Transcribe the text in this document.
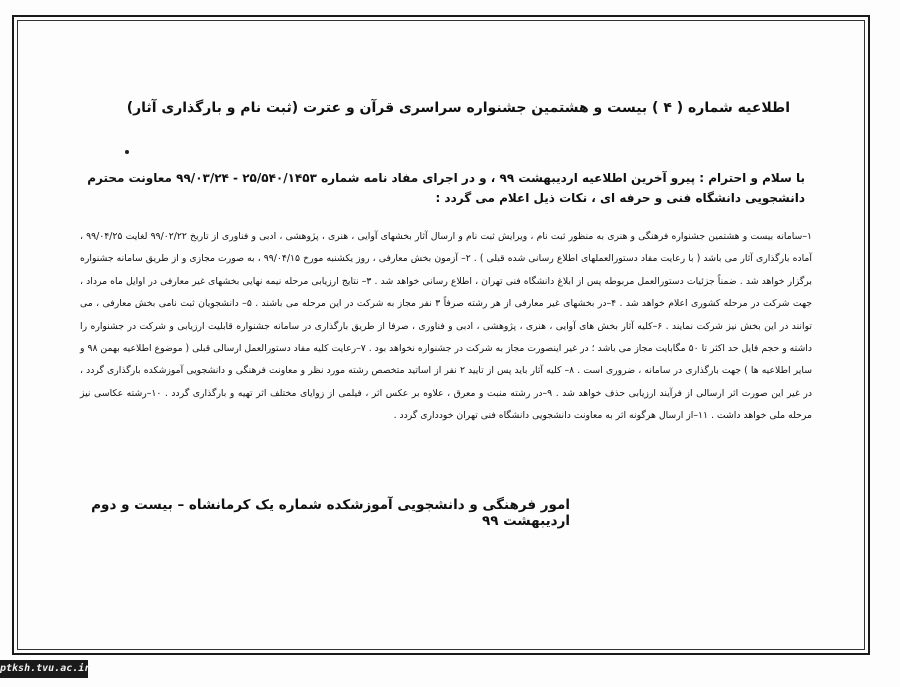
اطلاعیه شماره ( ۴ ) بیست و هشتمین جشنواره سراسری قرآن و عترت (ثبت نام و بارگذاری آثار)
با سلام و احترام : پیرو آخرین اطلاعیه اردیبهشت ۹۹ ، و در اجرای مفاد نامه شماره ۲۵/۵۴۰/۱۴۵۳ - ۹۹/۰۳/۲۴ معاونت محترم دانشجویی دانشگاه فنی و حرفه ای ، نکات ذیل اعلام می گردد :
۱–سامانه بیست و هشتمین جشنواره فرهنگی و هنری به منظور ثبت نام ، ویرایش ثبت نام و ارسال آثار بخشهای آوایی ، هنری ، پژوهشی ، ادبی و فناوری از تاریخ ۹۹/۰۲/۲۲ لغایت ۹۹/۰۴/۲۵ ، آماده بارگذاری آثار می باشد ( با رعایت مفاد دستورالعملهای اطلاع رسانی شده قبلی ) . ۲– آزمون بخش معارفی ، روز یکشنبه مورخ ۹۹/۰۴/۱۵ ، به صورت مجازی و از طریق سامانه جشنواره برگزار خواهد شد . ضمناً جزئیات دستورالعمل مربوطه پس از ابلاغ دانشگاه فنی تهران ، اطلاع رسانی خواهد شد . ۳– نتایج ارزیابی مرحله نیمه نهایی بخشهای غیر معارفی در اوایل ماه مرداد ، جهت شرکت در مرحله کشوری اعلام خواهد شد . ۴–در بخشهای غیر معارفی از هر رشته صرفاً ۳ نفر مجاز به شرکت در این مرحله می باشند . ۵– دانشجویان ثبت نامی بخش معارفی ، می توانند در این بخش نیز شرکت نمایند . ۶–کلیه آثار بخش های آوایی ، هنری ، پژوهشی ، ادبی و فناوری ، صرفا از طریق بارگذاری در سامانه جشنواره قابلیت ارزیابی و شرکت در جشنواره را داشته و حجم فایل حد اکثر تا ۵۰ مگابایت مجاز می باشد ؛ در غیر اینصورت مجاز به شرکت در جشنواره نخواهد بود . ۷–رعایت کلیه مفاد دستورالعمل ارسالی قبلی ( موضوع اطلاعیه بهمن ۹۸ و سایر اطلاعیه ها ) جهت بارگذاری در سامانه ، ضروری است . ۸– کلیه آثار باید پس از تایید ۲ نفر از اساتید متخصص رشته مورد نظر و معاونت فرهنگی و دانشجویی آموزشکده بارگذاری گردد ، در غیر این صورت اثر ارسالی از فرآیند ارزیابی حذف خواهد شد . ۹–در رشته منبت و معرق ، علاوه بر عکس اثر ، فیلمی از زوایای مختلف اثر تهیه و بارگذاری گردد . ۱۰–رشته عکاسی نیز مرحله ملی خواهد داشت . ۱۱–از ارسال هرگونه اثر به معاونت دانشجویی دانشگاه فنی تهران خودداری گردد .
امور فرهنگی و دانشجویی آموزشکده شماره یک کرمانشاه – بیست و دوم اردیبهشت ۹۹
ptksh.tvu.ac.ir
